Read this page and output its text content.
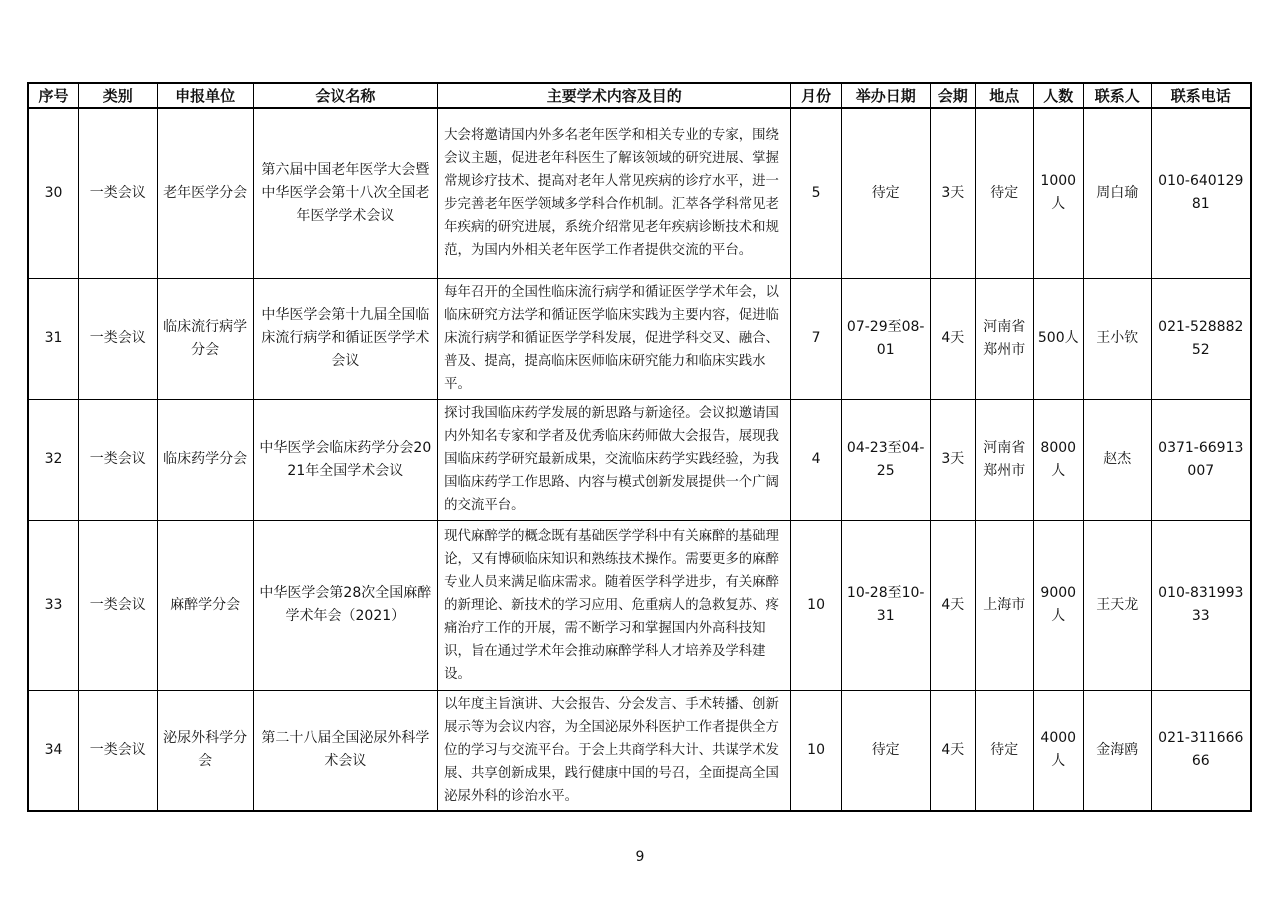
序号	类别	申报单位	会议名称	主要学术内容及目的	月份	举办日期	会期	地点	人数	联系人	联系电话
30	一类会议	老年医学分会	第六届中国老年医学大会暨中华医学会第十八次全国老年医学学术会议	大会将邀请国内外多名老年医学和相关专业的专家，围绕会议主题，促进老年科医生了解该领域的研究进展、掌握常规诊疗技术、提高对老年人常见疾病的诊疗水平，进一步完善老年医学领域多学科合作机制。汇萃各学科常见老年疾病的研究进展，系统介绍常见老年疾病诊断技术和规范，为国内外相关老年医学工作者提供交流的平台。	5	待定	3天	待定	1000人	周白瑜	010-64012981
31	一类会议	临床流行病学分会	中华医学会第十九届全国临床流行病学和循证医学学术会议	每年召开的全国性临床流行病学和循证医学学术年会，以临床研究方法学和循证医学临床实践为主要内容，促进临床流行病学和循证医学学科发展，促进学科交叉、融合、普及、提高，提高临床医师临床研究能力和临床实践水平。	7	07-29至08-01	4天	河南省郑州市	500人	王小钦	021-52888252
32	一类会议	临床药学分会	中华医学会临床药学分会2021年全国学术会议	探讨我国临床药学发展的新思路与新途径。会议拟邀请国内外知名专家和学者及优秀临床药师做大会报告，展现我国临床药学研究最新成果，交流临床药学实践经验，为我国临床药学工作思路、内容与模式创新发展提供一个广阔的交流平台。	4	04-23至04-25	3天	河南省郑州市	8000人	赵杰	0371-66913007
33	一类会议	麻醉学分会	中华医学会第28次全国麻醉学术年会（2021）	现代麻醉学的概念既有基础医学学科中有关麻醉的基础理论，又有博硕临床知识和熟练技术操作。需要更多的麻醉专业人员来满足临床需求。随着医学科学进步，有关麻醉的新理论、新技术的学习应用、危重病人的急救复苏、疼痛治疗工作的开展，需不断学习和掌握国内外高科技知识，旨在通过学术年会推动麻醉学科人才培养及学科建设。	10	10-28至10-31	4天	上海市	9000人	王天龙	010-83199333
34	一类会议	泌尿外科学分会	第二十八届全国泌尿外科学术会议	以年度主旨演讲、大会报告、分会发言、手术转播、创新展示等为会议内容，为全国泌尿外科医护工作者提供全方位的学习与交流平台。于会上共商学科大计、共谋学术发展、共享创新成果，践行健康中国的号召，全面提高全国泌尿外科的诊治水平。	10	待定	4天	待定	4000人	金海鸥	021-31166666
9
